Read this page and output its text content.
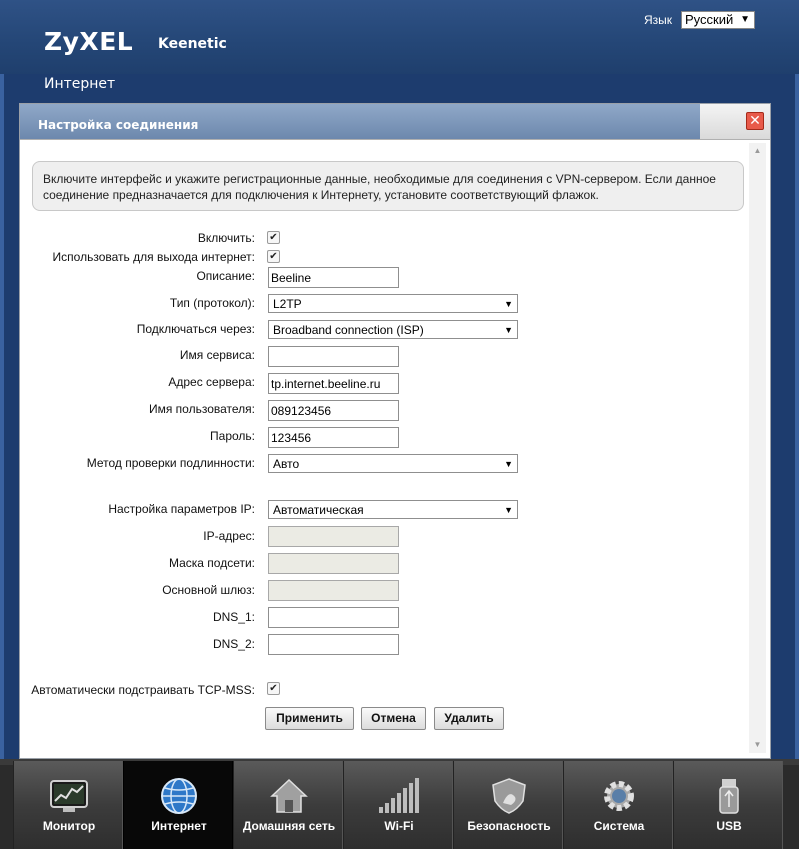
ZyXEL Keenetic
Язык Русский ▼
Интернет
Настройка соединения	✕
▲
▼
Включите интерфейс и укажите регистрационные данные, необходимые для соединения с VPN-сервером. Если данное соединение предназначается для подключения к Интернету, установите соответствующий флажок.
Включить: ✔
Использовать для выхода интернет: ✔
Описание: Beeline
Тип (протокол):	L2TP	▼
Подключаться через:	Broadband connection (ISP)	▼
Имя сервиса:
Адрес сервера: tp.internet.beeline.ru
Имя пользователя: 089123456
Пароль: 123456
Метод проверки подлинности:	Авто	▼
Настройка параметров IP:	Автоматическая	▼
IP-адрес:
Маска подсети:
Основной шлюз:
DNS_1:
DNS_2:
Автоматически подстраивать TCP-MSS: ✔
Применить	Отмена	Удалить
Монитор	Интернет	Домашняя сеть	Wi-Fi	Безопасность	Система	USB
